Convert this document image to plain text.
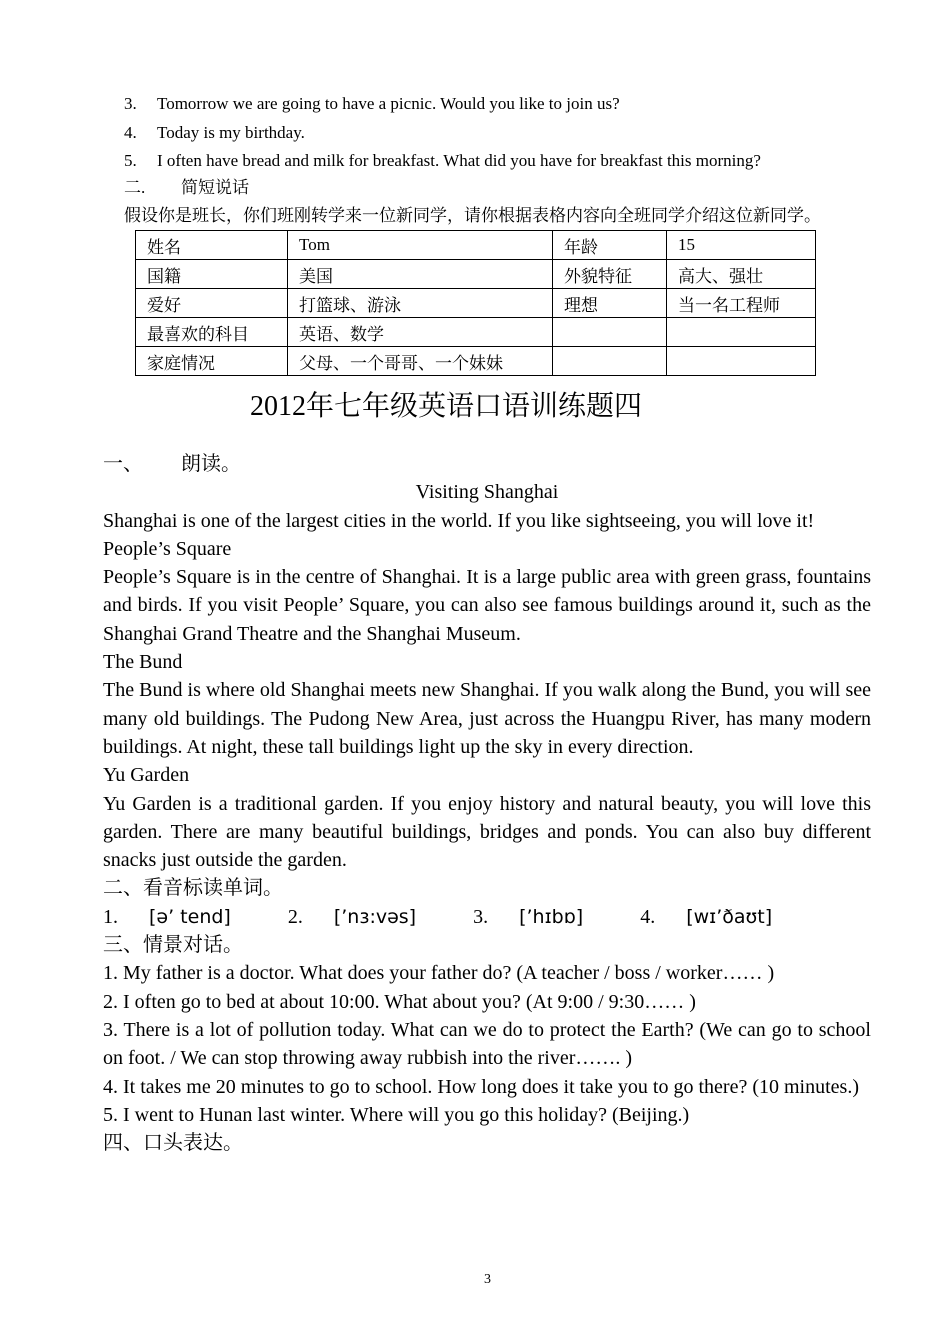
3. Tomorrow we are going to have a picnic. Would you like to join us?
4. Today is my birthday.
5. I often have bread and milk for breakfast. What did you have for breakfast this morning?
二. 简短说话
假设你是班长，你们班刚转学来一位新同学，请你根据表格内容向全班同学介绍这位新同学。
姓名	Tom	年龄	15
国籍	美国	外貌特征	高大、强壮
爱好	打篮球、游泳	理想	当一名工程师
最喜欢的科目	英语、数学		
家庭情况	父母、一个哥哥、一个妹妹		
2012年七年级英语口语训练题四

一、 朗读。

Visiting Shanghai

Shanghai is one of the largest cities in the world. If you like sightseeing, you will love it!

People’s Square

People’s Square is in the centre of Shanghai. It is a large public area with green grass, fountains and birds. If you visit People’ Square, you can also see famous buildings around it, such as the Shanghai Grand Theatre and the Shanghai Museum.

The Bund

The Bund is where old Shanghai meets new Shanghai. If you walk along the Bund, you will see many old buildings. The Pudong New Area, just across the Huangpu River, has many modern buildings. At night, these tall buildings light up the sky in every direction.

Yu Garden

Yu Garden is a traditional garden. If you enjoy history and natural beauty, you will love this garden. There are many beautiful buildings, bridges and ponds. You can also buy different snacks just outside the garden.

二、看音标读单词。

1. [ə’ tend]	2. [’nɜ:vəs]	3. [’hɪbɒ]	4. [wɪ’ðaʊt]

三、情景对话。

1. My father is a doctor. What does your father do? (A teacher / boss / worker…… )

2. I often go to bed at about 10:00. What about you? (At 9:00 / 9:30…… )

3. There is a lot of pollution today. What can we do to protect the Earth? (We can go to school on foot. / We can stop throwing away rubbish into the river……. )

4. It takes me 20 minutes to go to school. How long does it take you to go there? (10 minutes.)

5. I went to Hunan last winter. Where will you go this holiday? (Beijing.)

四、口头表达。

3
